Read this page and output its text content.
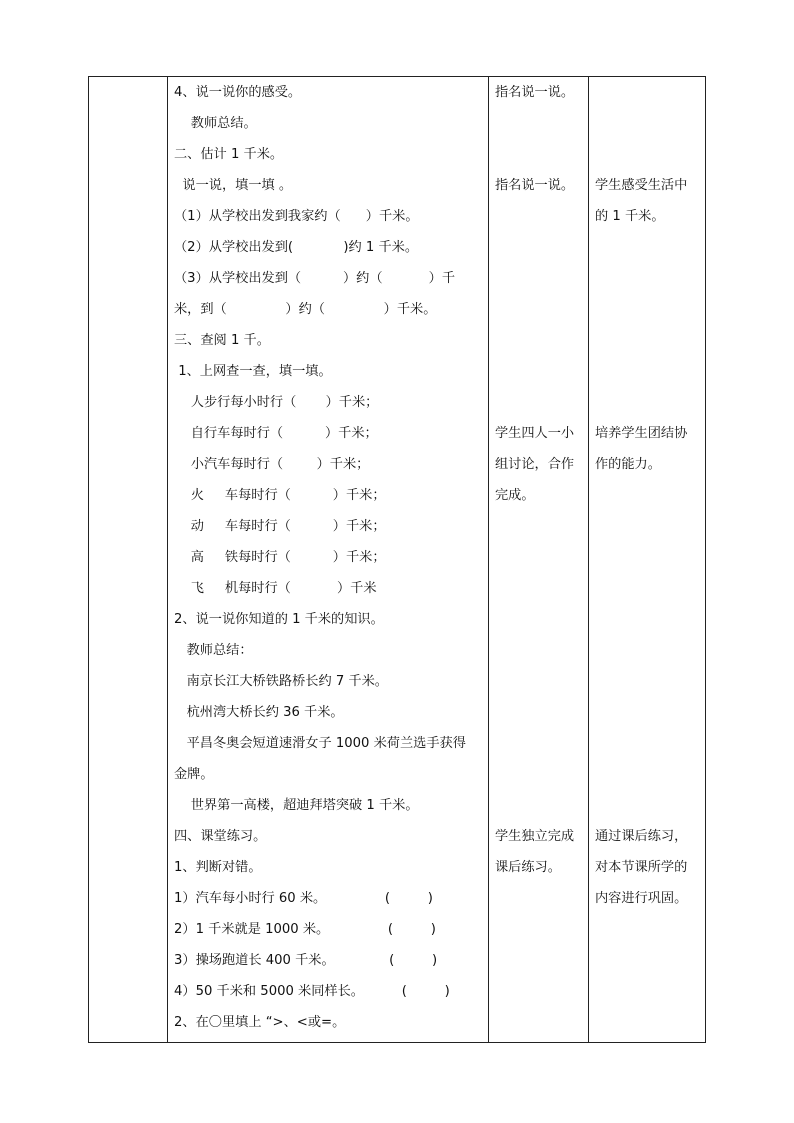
4、说一说你的感受。
教师总结。
二、估计 1 千米。
说一说，填一填 。
（1）从学校出发到我家约（      ）千米。
（2）从学校出发到(            )约 1 千米。
（3）从学校出发到（          ）约（           ）千
米，到（              ）约（              ）千米。
三、查阅 1 千。
1、上网查一查，填一填。
人步行每小时行（       ）千米；
自行车每时行（          ）千米；
小汽车每时行（        ）千米；
火     车每时行（          ）千米；
动     车每时行（          ）千米；
高     铁每时行（          ）千米；
飞     机每时行（           ）千米
2、说一说你知道的 1 千米的知识。
教师总结：
南京长江大桥铁路桥长约 7 千米。
杭州湾大桥长约 36 千米。
平昌冬奥会短道速滑女子 1000 米荷兰选手获得
金牌。
世界第一高楼，超迪拜塔突破 1 千米。
四、课堂练习。
1、判断对错。
1）汽车每小时行 60 米。              (         )
2）1 千米就是 1000 米。              (         )
3）操场跑道长 400 千米。             (         )
4）50 千米和 5000 米同样长。         (         )
2、在〇里填上 “>、<或=。
指名说一说。
指名说一说。
学生四人一小
组讨论，合作
完成。
学生独立完成
课后练习。
学生感受生活中
的 1 千米。
培养学生团结协
作的能力。
通过课后练习，
对本节课所学的
内容进行巩固。
